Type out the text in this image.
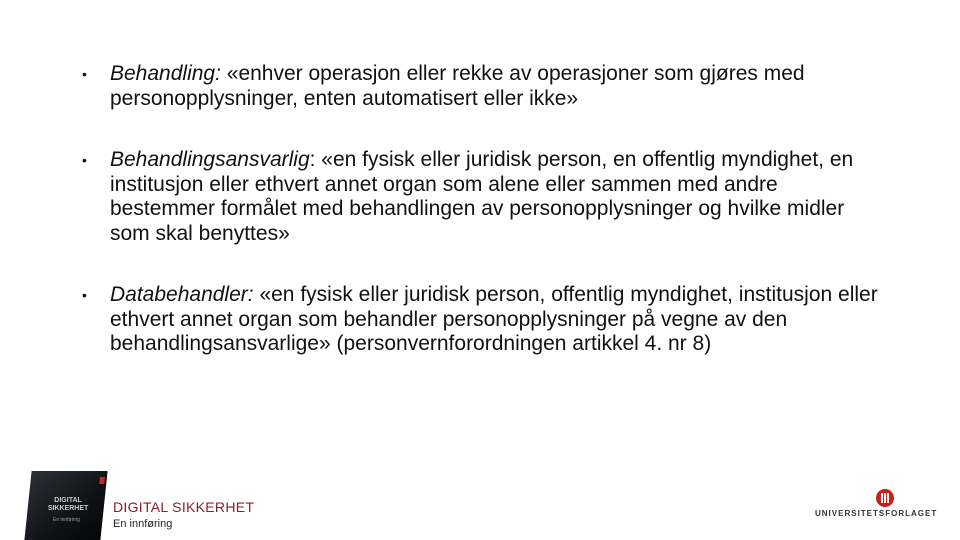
• Behandling: «enhver operasjon eller rekke av operasjoner som gjøres med personopplysninger, enten automatisert eller ikke»
• Behandlingsansvarlig: «en fysisk eller juridisk person, en offentlig myndighet, en institusjon eller ethvert annet organ som alene eller sammen med andre bestemmer formålet med behandlingen av personopplysninger og hvilke midler som skal benyttes»
• Databehandler: «en fysisk eller juridisk person, offentlig myndighet, institusjon eller ethvert annet organ som behandler personopplysninger på vegne av den behandlingsansvarlige» (personvernforordningen artikkel 4. nr 8)
DIGITAL SIKKERHET
En innføring
DIGITAL SIKKERHET
En innføring
UNIVERSITETSFORLAGET
